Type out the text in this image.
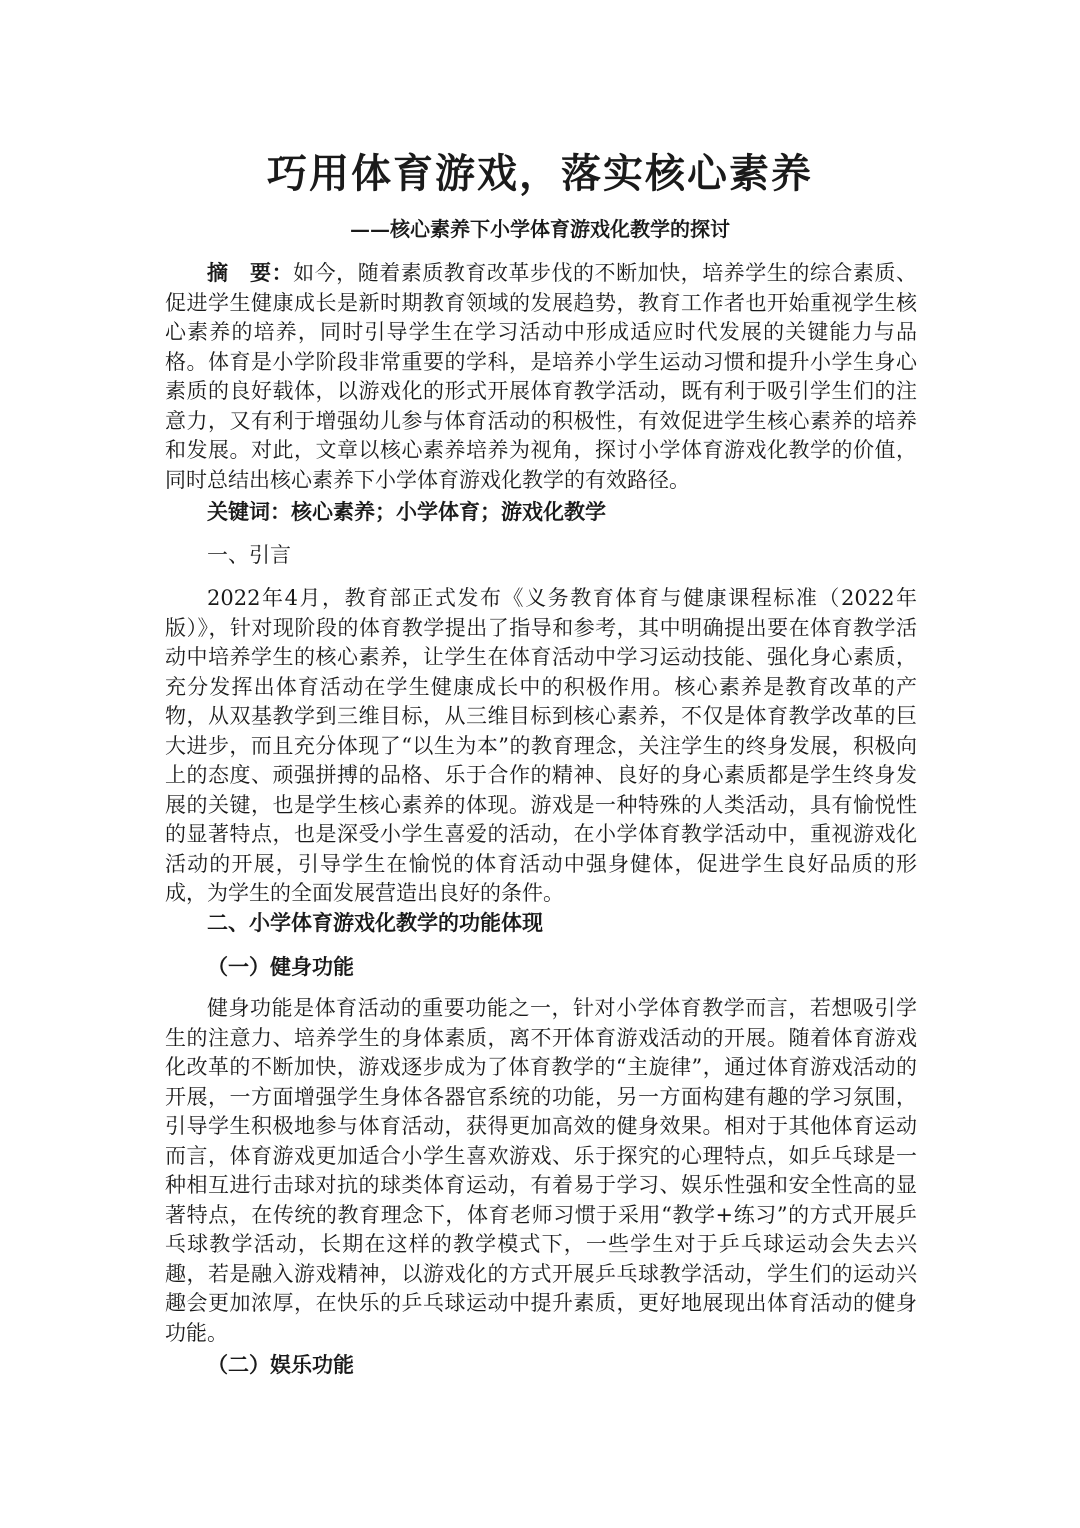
巧用体育游戏，落实核心素养
——核心素养下小学体育游戏化教学的探讨

摘　要：如今，随着素质教育改革步伐的不断加快，培养学生的综合素质、促进学生健康成长是新时期教育领域的发展趋势，教育工作者也开始重视学生核心素养的培养，同时引导学生在学习活动中形成适应时代发展的关键能力与品格。体育是小学阶段非常重要的学科，是培养小学生运动习惯和提升小学生身心素质的良好载体，以游戏化的形式开展体育教学活动，既有利于吸引学生们的注意力，又有利于增强幼儿参与体育活动的积极性，有效促进学生核心素养的培养和发展。对此，文章以核心素养培养为视角，探讨小学体育游戏化教学的价值，同时总结出核心素养下小学体育游戏化教学的有效路径。

关键词：核心素养；小学体育；游戏化教学

一、引言

2022年4月，教育部正式发布《义务教育体育与健康课程标准（2022年版）》，针对现阶段的体育教学提出了指导和参考，其中明确提出要在体育教学活动中培养学生的核心素养，让学生在体育活动中学习运动技能、强化身心素质，充分发挥出体育活动在学生健康成长中的积极作用。核心素养是教育改革的产物，从双基教学到三维目标，从三维目标到核心素养，不仅是体育教学改革的巨大进步，而且充分体现了“以生为本”的教育理念，关注学生的终身发展，积极向上的态度、顽强拼搏的品格、乐于合作的精神、良好的身心素质都是学生终身发展的关键，也是学生核心素养的体现。游戏是一种特殊的人类活动，具有愉悦性的显著特点，也是深受小学生喜爱的活动，在小学体育教学活动中，重视游戏化活动的开展，引导学生在愉悦的体育活动中强身健体，促进学生良好品质的形成，为学生的全面发展营造出良好的条件。

二、小学体育游戏化教学的功能体现

（一）健身功能

健身功能是体育活动的重要功能之一，针对小学体育教学而言，若想吸引学生的注意力、培养学生的身体素质，离不开体育游戏活动的开展。随着体育游戏化改革的不断加快，游戏逐步成为了体育教学的“主旋律”，通过体育游戏活动的开展，一方面增强学生身体各器官系统的功能，另一方面构建有趣的学习氛围，引导学生积极地参与体育活动，获得更加高效的健身效果。相对于其他体育运动而言，体育游戏更加适合小学生喜欢游戏、乐于探究的心理特点，如乒乓球是一种相互进行击球对抗的球类体育运动，有着易于学习、娱乐性强和安全性高的显著特点，在传统的教育理念下，体育老师习惯于采用“教学+练习”的方式开展乒乓球教学活动，长期在这样的教学模式下，一些学生对于乒乓球运动会失去兴趣，若是融入游戏精神，以游戏化的方式开展乒乓球教学活动，学生们的运动兴趣会更加浓厚，在快乐的乒乓球运动中提升素质，更好地展现出体育活动的健身功能。

（二）娱乐功能
